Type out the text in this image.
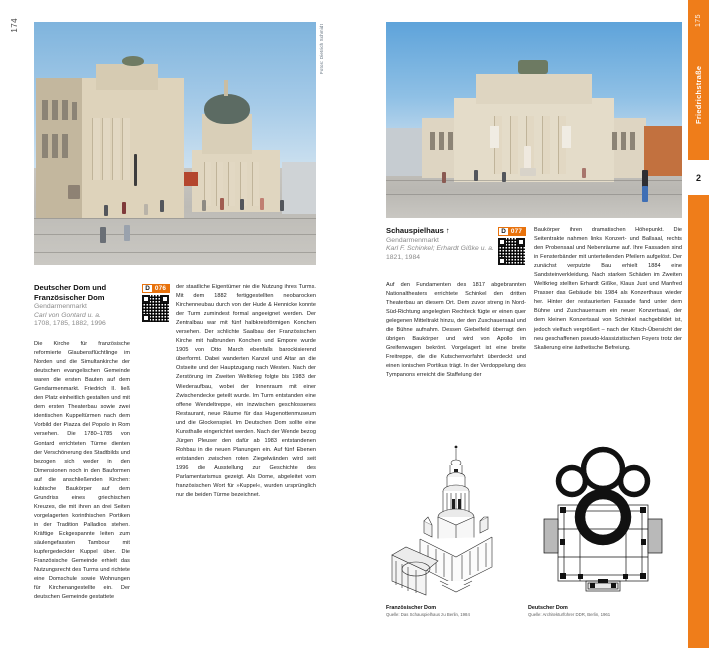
174	Fotos: Dietrich Schmidt
Deutscher Dom und
Französischer Dom
Gendarmenmarkt
Carl von Gontard u. a.
1708, 1785, 1882, 1996
D 076
Die Kirche für französische reformierte Glaubensflüchtlinge im Norden und die Simultankirche der deutschen evangelischen Gemeinde waren die ersten Bauten auf dem Gendarmenmarkt. Friedrich II. ließ den Platz einheitlich gestalten und mit dem ersten Theaterbau sowie zwei identischen Kuppeltürmen nach dem Vorbild der Piazza del Popolo in Rom versehen. Die 1780–1785 von Gontard errichteten Türme dienten der Verschönerung des Stadtbilds und bezogen sich weder in den Dimensionen noch in den Bauformen auf die anschließenden Kirchen: kubische Baukörper auf dem Grundriss eines griechischen Kreuzes, die mit ihren an drei Seiten vorgelagerten korinthischen Portiken in der Tradition Palladios stehen. Kräftige Eckgespannte leiten zum säulengefassten Tambour mit kupfergedeckter Kuppel über. Die Französische Gemeinde erhielt das Nutzungsrecht des Turms und richtete eine Domschule sowie Wohnungen für Kirchenangestellte ein. Der deutschen Gemeinde gestattete
der staatliche Eigentümer nie die Nutzung ihres Turms. Mit dem 1882 fertiggestellten neobarocken Kirchenneubau durch von der Hude & Hennicke konnte der Turm zumindest formal angeeignet werden. Der Zentralbau war mit fünf halbkreisförmigen Konchen versehen. Der schlichte Saalbau der Französischen Kirche mit halbrunden Konchen und Empore wurde 1905 von Otto March ebenfalls barockisierend überformt. Dabei wanderten Kanzel und Altar an die Ostseite und der Hauptzugang nach Westen. Nach der Zerstörung im Zweiten Weltkrieg folgte bis 1983 der Wiederaufbau, wobei der Innenraum mit einer Zwischendecke geteilt wurde. Im Turm entstanden eine offene Wendeltreppe, ein inzwischen geschlossenes Restaurant, neue Räume für das Hugenottenmuseum und die Glockenspiel. Im Deutschen Dom sollte eine Kunsthalle eingerichtet werden. Nach der Wende bezog Jürgen Pleuser den dafür ab 1983 entstandenen Rohbau in die neuen Planungen ein. Auf fünf Ebenen entstanden zwischen roten Ziegelwänden wird seit 1996 die Ausstellung zur Geschichte des Parlamentarismus gezeigt. Als Dome, abgeleitet vom französischen Wort für »Kuppel«, wurden ursprünglich nur die beiden Türme bezeichnet.
Schauspielhaus ↑
Gendarmenmarkt
Karl F. Schinkel; Erhardt Gißke u. a.
1821, 1984
D 077
Auf den Fundamenten des 1817 abgebrannten Nationaltheaters errichtete Schinkel den dritten Theaterbau an diesem Ort. Dem zuvor streng in Nord-Süd-Richtung angelegten Rechteck fügte er einen quer gelegenen Mitteltrakt hinzu, der den Zuschauersaal und die Bühne aufnahm. Dessen Giebelfeld überragt den übrigen Baukörper und wird von Apollo im Greifenwagen bekrönt. Vorgelagert ist eine breite Freitreppe, die die Kutschenvorfahrt überdeckt und einen ionischen Portikus trägt. In der Verdoppelung des Tympanons erreicht die Staffelung der
Baukörper ihren dramatischen Höhepunkt. Die Seitentrakte nahmen links Konzert- und Ballsaal, rechts den Probensaal und Nebenräume auf. Ihre Fassaden sind in Fensterbänder mit unterteilenden Pfeilern aufgelöst. Der zunächst verputzte Bau erhielt 1884 eine Sandsteinverkleidung. Nach starken Schäden im Zweiten Weltkrieg stellten Erhardt Gißke, Klaus Just und Manfred Prasser das Gebäude bis 1984 als Konzerthaus wieder her. Hinter der restaurierten Fassade fand unter dem Bühne und Zuschauerraum ein neuer Konzertsaal, der dem kleinen Konzertsaal von Schinkel nachgebildet ist, jedoch vielfach vergrößert – nach der Kitsch-Übersicht der neu geschaffenen pseudo-klassizistischen Foyers trotz der Skalierung eine ästhetische Befreiung.
Französischer Dom
Quelle: Das Schauspielhaus zu Berlin, 1984
Deutscher Dom
Quelle: Architekturführer DDR, Berlin, 1961
175
Friedrichstraße
2
